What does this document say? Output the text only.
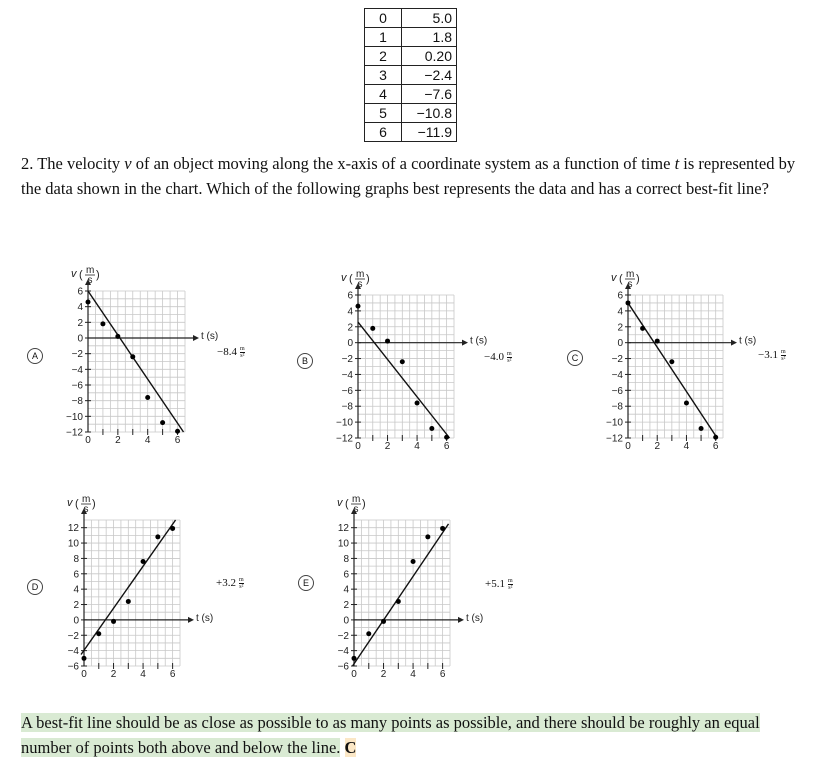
0	5.0
1	1.8
2	0.20
3	−2.4
4	−7.6
5	−10.8
6	−11.9
2. The velocity v of an object moving along the x-axis of a coordinate system as a function of time t is represented by the data shown in the chart. Which of the following graphs best represents the data and has a correct best-fit line?
A
6
4
2
0
−2
−4
−6
−8
−10
−12
0 2 4 6
v ( m
s )
t (s)
$-8.4 \frac{m}{\text{s²}}$
B
6
4
2
0
−2
−4
−6
−8
−10
−12
0 2 4 6
v ( m
s )
t (s)
$-4.0 \frac{m}{\text{s²}}$	C
6
4
2
0
−2
−4
−6
−8
−10
−12
0 2 4 6
v ( m
s )
t (s)
$-3.1 \frac{m}{\text{s²}}$
D
12
10
8
6
4
2
0
−2
−4
−6
0 2 4 6
v ( m
s )
t (s)
$+3.2 \frac{m}{\text{s²}}$	E
12
10
8
6
4
2
0
−2
−4
−6
0 2 4 6
v ( m
s )
t (s)
$+5.1 \frac{m}{\text{s²}}$
A best-fit line should be as close as possible to as many points as possible, and there should be roughly an equal number of points both above and below the line. C
